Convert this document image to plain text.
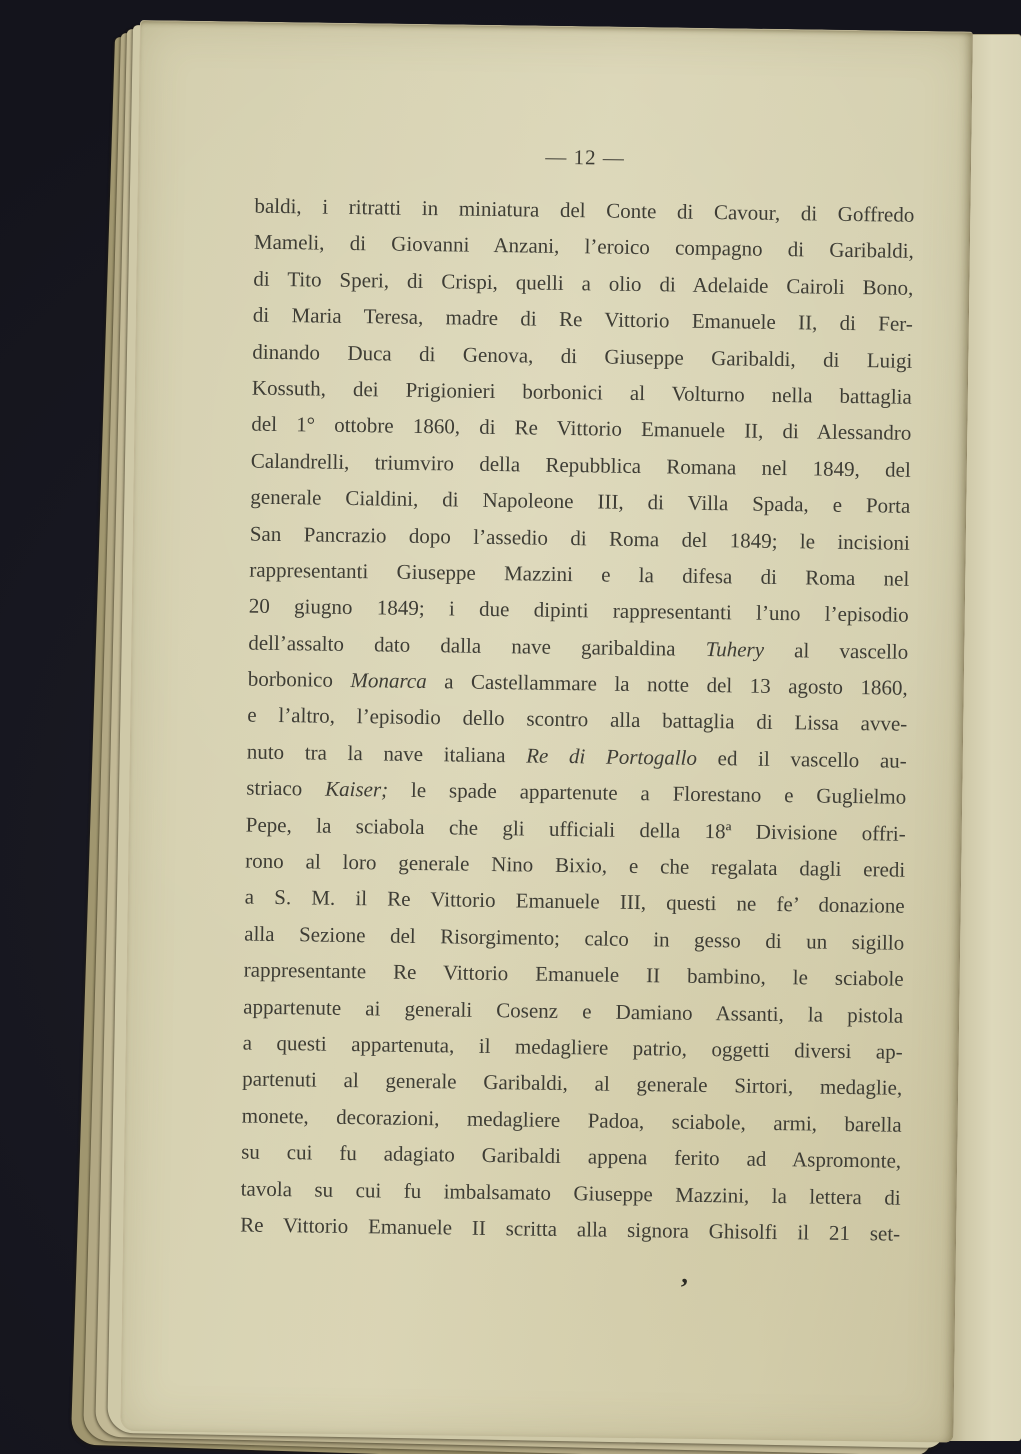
— 12 —
baldi, i ritratti in miniatura del Conte di Cavour, di Goffredo
Mameli, di Giovanni Anzani, l’eroico compagno di Garibaldi,
di Tito Speri, di Crispi, quelli a olio di Adelaide Cairoli Bono,
di Maria Teresa, madre di Re Vittorio Emanuele II, di Fer-
dinando Duca di Genova, di Giuseppe Garibaldi, di Luigi
Kossuth, dei Prigionieri borbonici al Volturno nella battaglia
del 1° ottobre 1860, di Re Vittorio Emanuele II, di Alessandro
Calandrelli, triumviro della Repubblica Romana nel 1849, del
generale Cialdini, di Napoleone III, di Villa Spada, e Porta
San Pancrazio dopo l’assedio di Roma del 1849; le incisioni
rappresentanti Giuseppe Mazzini e la difesa di Roma nel
20 giugno 1849; i due dipinti rappresentanti l’uno l’episodio
dell’assalto dato dalla nave garibaldina Tuhery al vascello
borbonico Monarca a Castellammare la notte del 13 agosto 1860,
e l’altro, l’episodio dello scontro alla battaglia di Lissa avve-
nuto tra la nave italiana Re di Portogallo ed il vascello au-
striaco Kaiser; le spade appartenute a Florestano e Guglielmo
Pepe, la sciabola che gli ufficiali della 18ª Divisione offri-
rono al loro generale Nino Bixio, e che regalata dagli eredi
a S. M. il Re Vittorio Emanuele III, questi ne fe’ donazione
alla Sezione del Risorgimento; calco in gesso di un sigillo
rappresentante Re Vittorio Emanuele II bambino, le sciabole
appartenute ai generali Cosenz e Damiano Assanti, la pistola
a questi appartenuta, il medagliere patrio, oggetti diversi ap-
partenuti al generale Garibaldi, al generale Sirtori, medaglie,
monete, decorazioni, medagliere Padoa, sciabole, armi, barella
su cui fu adagiato Garibaldi appena ferito ad Aspromonte,
tavola su cui fu imbalsamato Giuseppe Mazzini, la lettera di
Re Vittorio Emanuele II scritta alla signora Ghisolfi il 21 set-
’
